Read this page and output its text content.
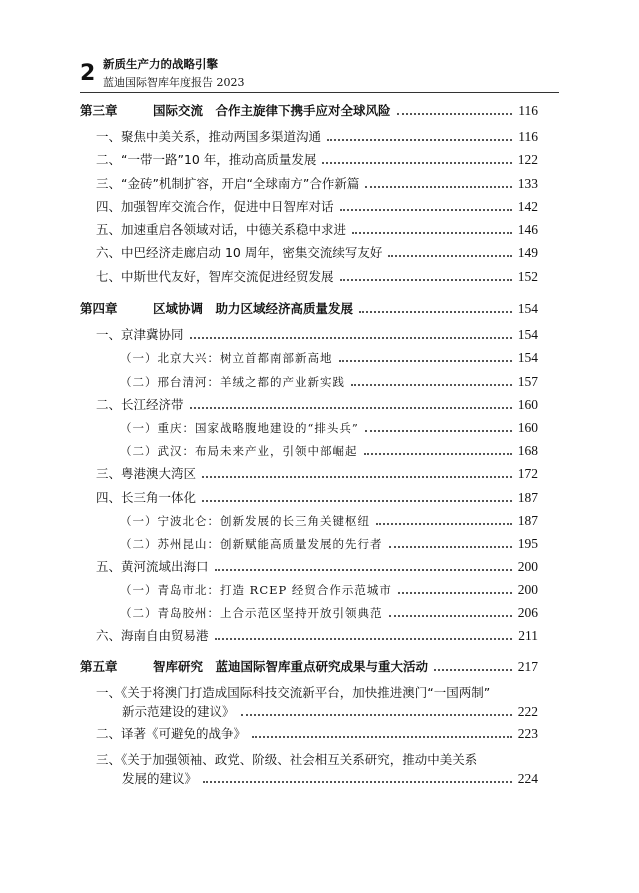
2 新质生产力的战略引擎
蓝迪国际智库年度报告 2023
第三章	国际交流　合作主旋律下携手应对全球风险	116
一、聚焦中美关系，推动两国多渠道沟通	116
二、“一带一路”10 年，推动高质量发展	122
三、“金砖”机制扩容，开启“全球南方”合作新篇	133
四、加强智库交流合作，促进中日智库对话	142
五、加速重启各领域对话，中德关系稳中求进	146
六、中巴经济走廊启动 10 周年，密集交流续写友好	149
七、中斯世代友好，智库交流促进经贸发展	152
第四章	区域协调　助力区域经济高质量发展	154
一、京津冀协同	154
（一）北京大兴：树立首都南部新高地	154
（二）邢台清河：羊绒之都的产业新实践	157
二、长江经济带	160
（一）重庆：国家战略腹地建设的“排头兵”	160
（二）武汉：布局未来产业，引领中部崛起	168
三、粤港澳大湾区	172
四、长三角一体化	187
（一）宁波北仑：创新发展的长三角关键枢纽	187
（二）苏州昆山：创新赋能高质量发展的先行者	195
五、黄河流域出海口	200
（一）青岛市北：打造 RCEP 经贸合作示范城市	200
（二）青岛胶州：上合示范区坚持开放引领典范	206
六、海南自由贸易港	211
第五章	智库研究　蓝迪国际智库重点研究成果与重大活动	217
一、《关于将澳门打造成国际科技交流新平台，加快推进澳门“一国两制”
新示范建设的建议》	222
二、译著《可避免的战争》	223
三、《关于加强领袖、政党、阶级、社会相互关系研究，推动中美关系
发展的建议》	224
